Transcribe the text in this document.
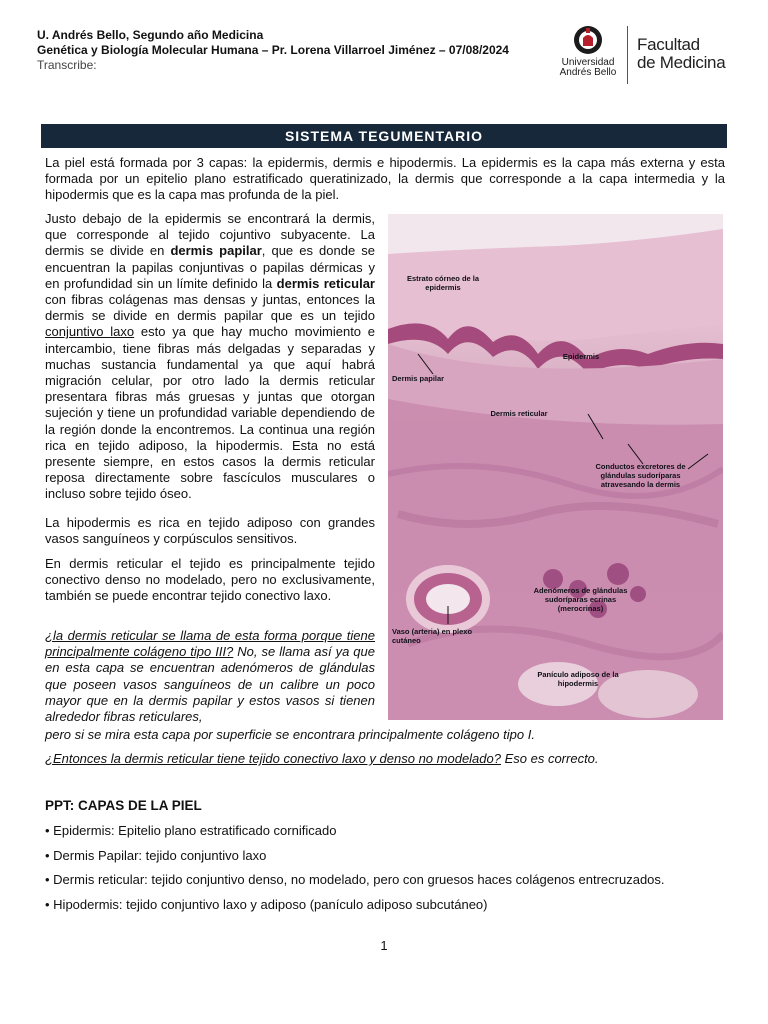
U. Andrés Bello, Segundo año Medicina
Genética y Biología Molecular Humana – Pr. Lorena Villarroel Jiménez – 07/08/2024
Transcribe:	Universidad
Andrés Bello
Facultad
de Medicina
SISTEMA TEGUMENTARIO

La piel está formada por 3 capas: la epidermis, dermis e hipodermis. La epidermis es la capa más externa y esta formada por un epitelio plano estratificado queratinizado, la dermis que corresponde a la capa intermedia y la hipodermis que es la capa mas profunda de la piel.

Justo debajo de la epidermis se encontrará la dermis, que corresponde al tejido cojuntivo subyacente. La dermis se divide en dermis papilar, que es donde se encuentran la papilas conjuntivas o papilas dérmicas y en profundidad sin un límite definido la dermis reticular con fibras colágenas mas densas y juntas, entonces la dermis se divide en dermis papilar que es un tejido conjuntivo laxo esto ya que hay mucho movimiento e intercambio, tiene fibras más delgadas y separadas y muchas sustancia fundamental ya que aquí habrá migración celular, por otro lado la dermis reticular presentara fibras más gruesas y juntas que otorgan sujeción y tiene un profundidad variable dependiendo de la región donde la encontremos. La continua una región rica en tejido adiposo, la hipodermis. Esta no está presente siempre, en estos casos la dermis reticular reposa directamente sobre fascículos musculares o incluso sobre tejido óseo.

La hipodermis es rica en tejido adiposo con grandes vasos sanguíneos y corpúsculos sensitivos.

En dermis reticular el tejido es principalmente tejido conectivo denso no modelado, pero no exclusivamente, también se puede encontrar tejido conectivo laxo.

¿la dermis reticular se llama de esta forma porque tiene principalmente colágeno tipo III? No, se llama así ya que en esta capa se encuentran adenómeros de glándulas que poseen vasos sanguíneos de un calibre un poco mayor que en la dermis papilar y estos vasos si tienen alrededor fibras reticulares,

pero si se mira esta capa por superficie se encontrara principalmente colágeno tipo I.

¿Entonces la dermis reticular tiene tejido conectivo laxo y denso no modelado? Eso es correcto.

PPT: CAPAS DE LA PIEL
• Epidermis: Epitelio plano estratificado cornificado
• Dermis Papilar: tejido conjuntivo laxo
• Dermis reticular: tejido conjuntivo denso, no modelado, pero con gruesos haces colágenos entrecruzados.
• Hipodermis: tejido conjuntivo laxo y adiposo (panículo adiposo subcutáneo)
1
Estrato córneo de la epidermis
Epidermis
Dermis papilar
Dermis reticular
Conductos excretores de glándulas sudoríparas atravesando la dermis
Adenómeros de glándulas sudoríparas ecrinas (merocrinas)
Vaso (arteria) en plexo cutáneo
Panículo adiposo de la hipodermis
